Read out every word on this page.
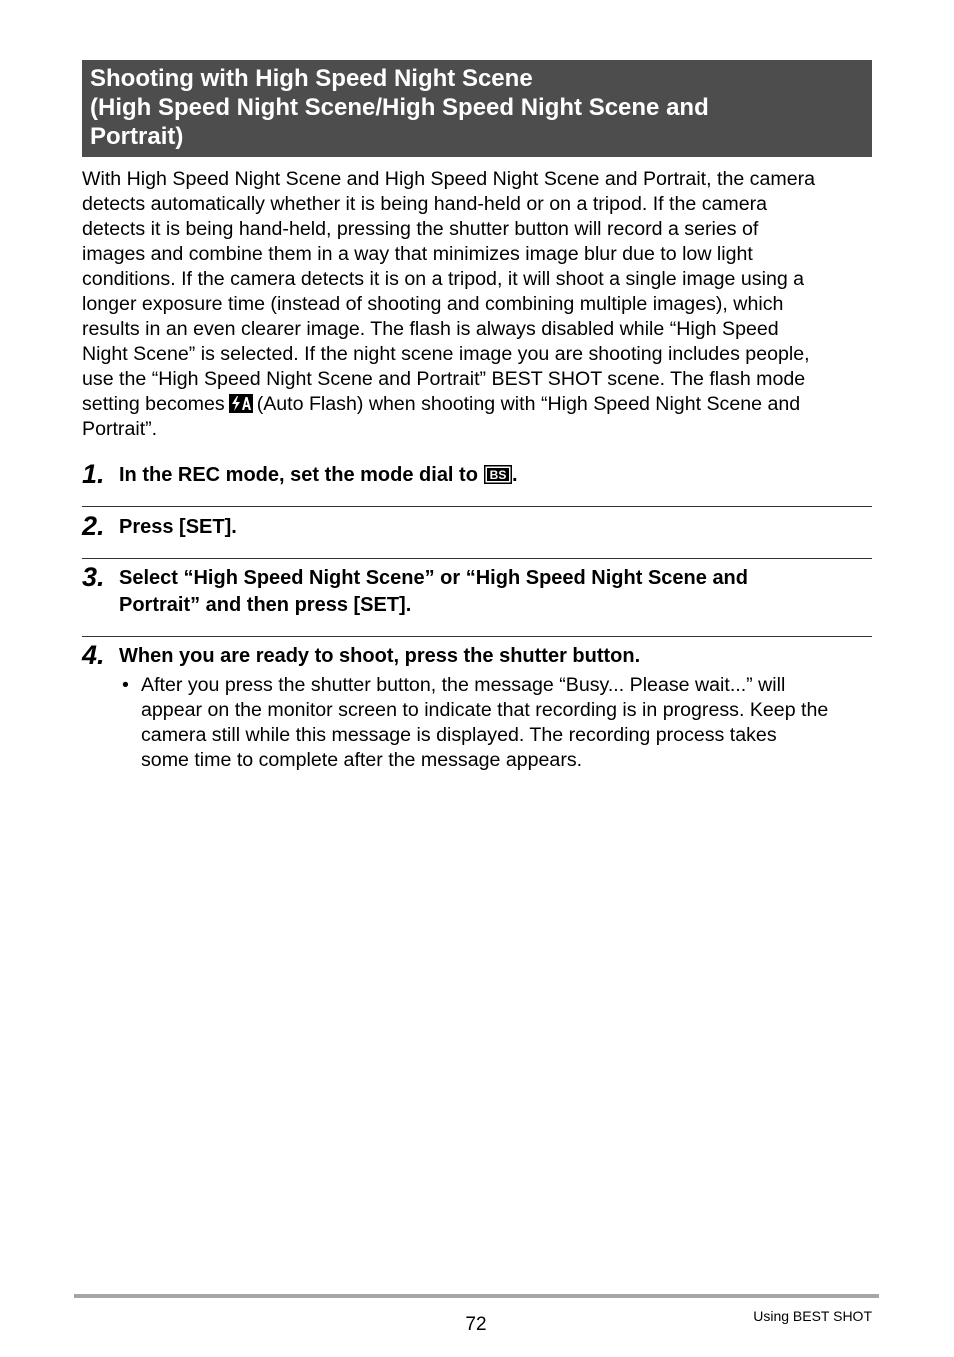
Shooting with High Speed Night Scene
(High Speed Night Scene/High Speed Night Scene and
Portrait)
With High Speed Night Scene and High Speed Night Scene and Portrait, the camera
detects automatically whether it is being hand-held or on a tripod. If the camera
detects it is being hand-held, pressing the shutter button will record a series of
images and combine them in a way that minimizes image blur due to low light
conditions. If the camera detects it is on a tripod, it will shoot a single image using a
longer exposure time (instead of shooting and combining multiple images), which
results in an even clearer image. The flash is always disabled while “High Speed
Night Scene” is selected. If the night scene image you are shooting includes people,
use the “High Speed Night Scene and Portrait” BEST SHOT scene. The flash mode
setting becomes (Auto Flash) when shooting with “High Speed Night Scene and
Portrait”.
1. In the REC mode, set the mode dial to BS .
2. Press [SET].
3. Select “High Speed Night Scene” or “High Speed Night Scene and
Portrait” and then press [SET].
4. When you are ready to shoot, press the shutter button.
• After you press the shutter button, the message “Busy... Please wait...” will
appear on the monitor screen to indicate that recording is in progress. Keep the
camera still while this message is displayed. The recording process takes
some time to complete after the message appears.
72	Using BEST SHOT
